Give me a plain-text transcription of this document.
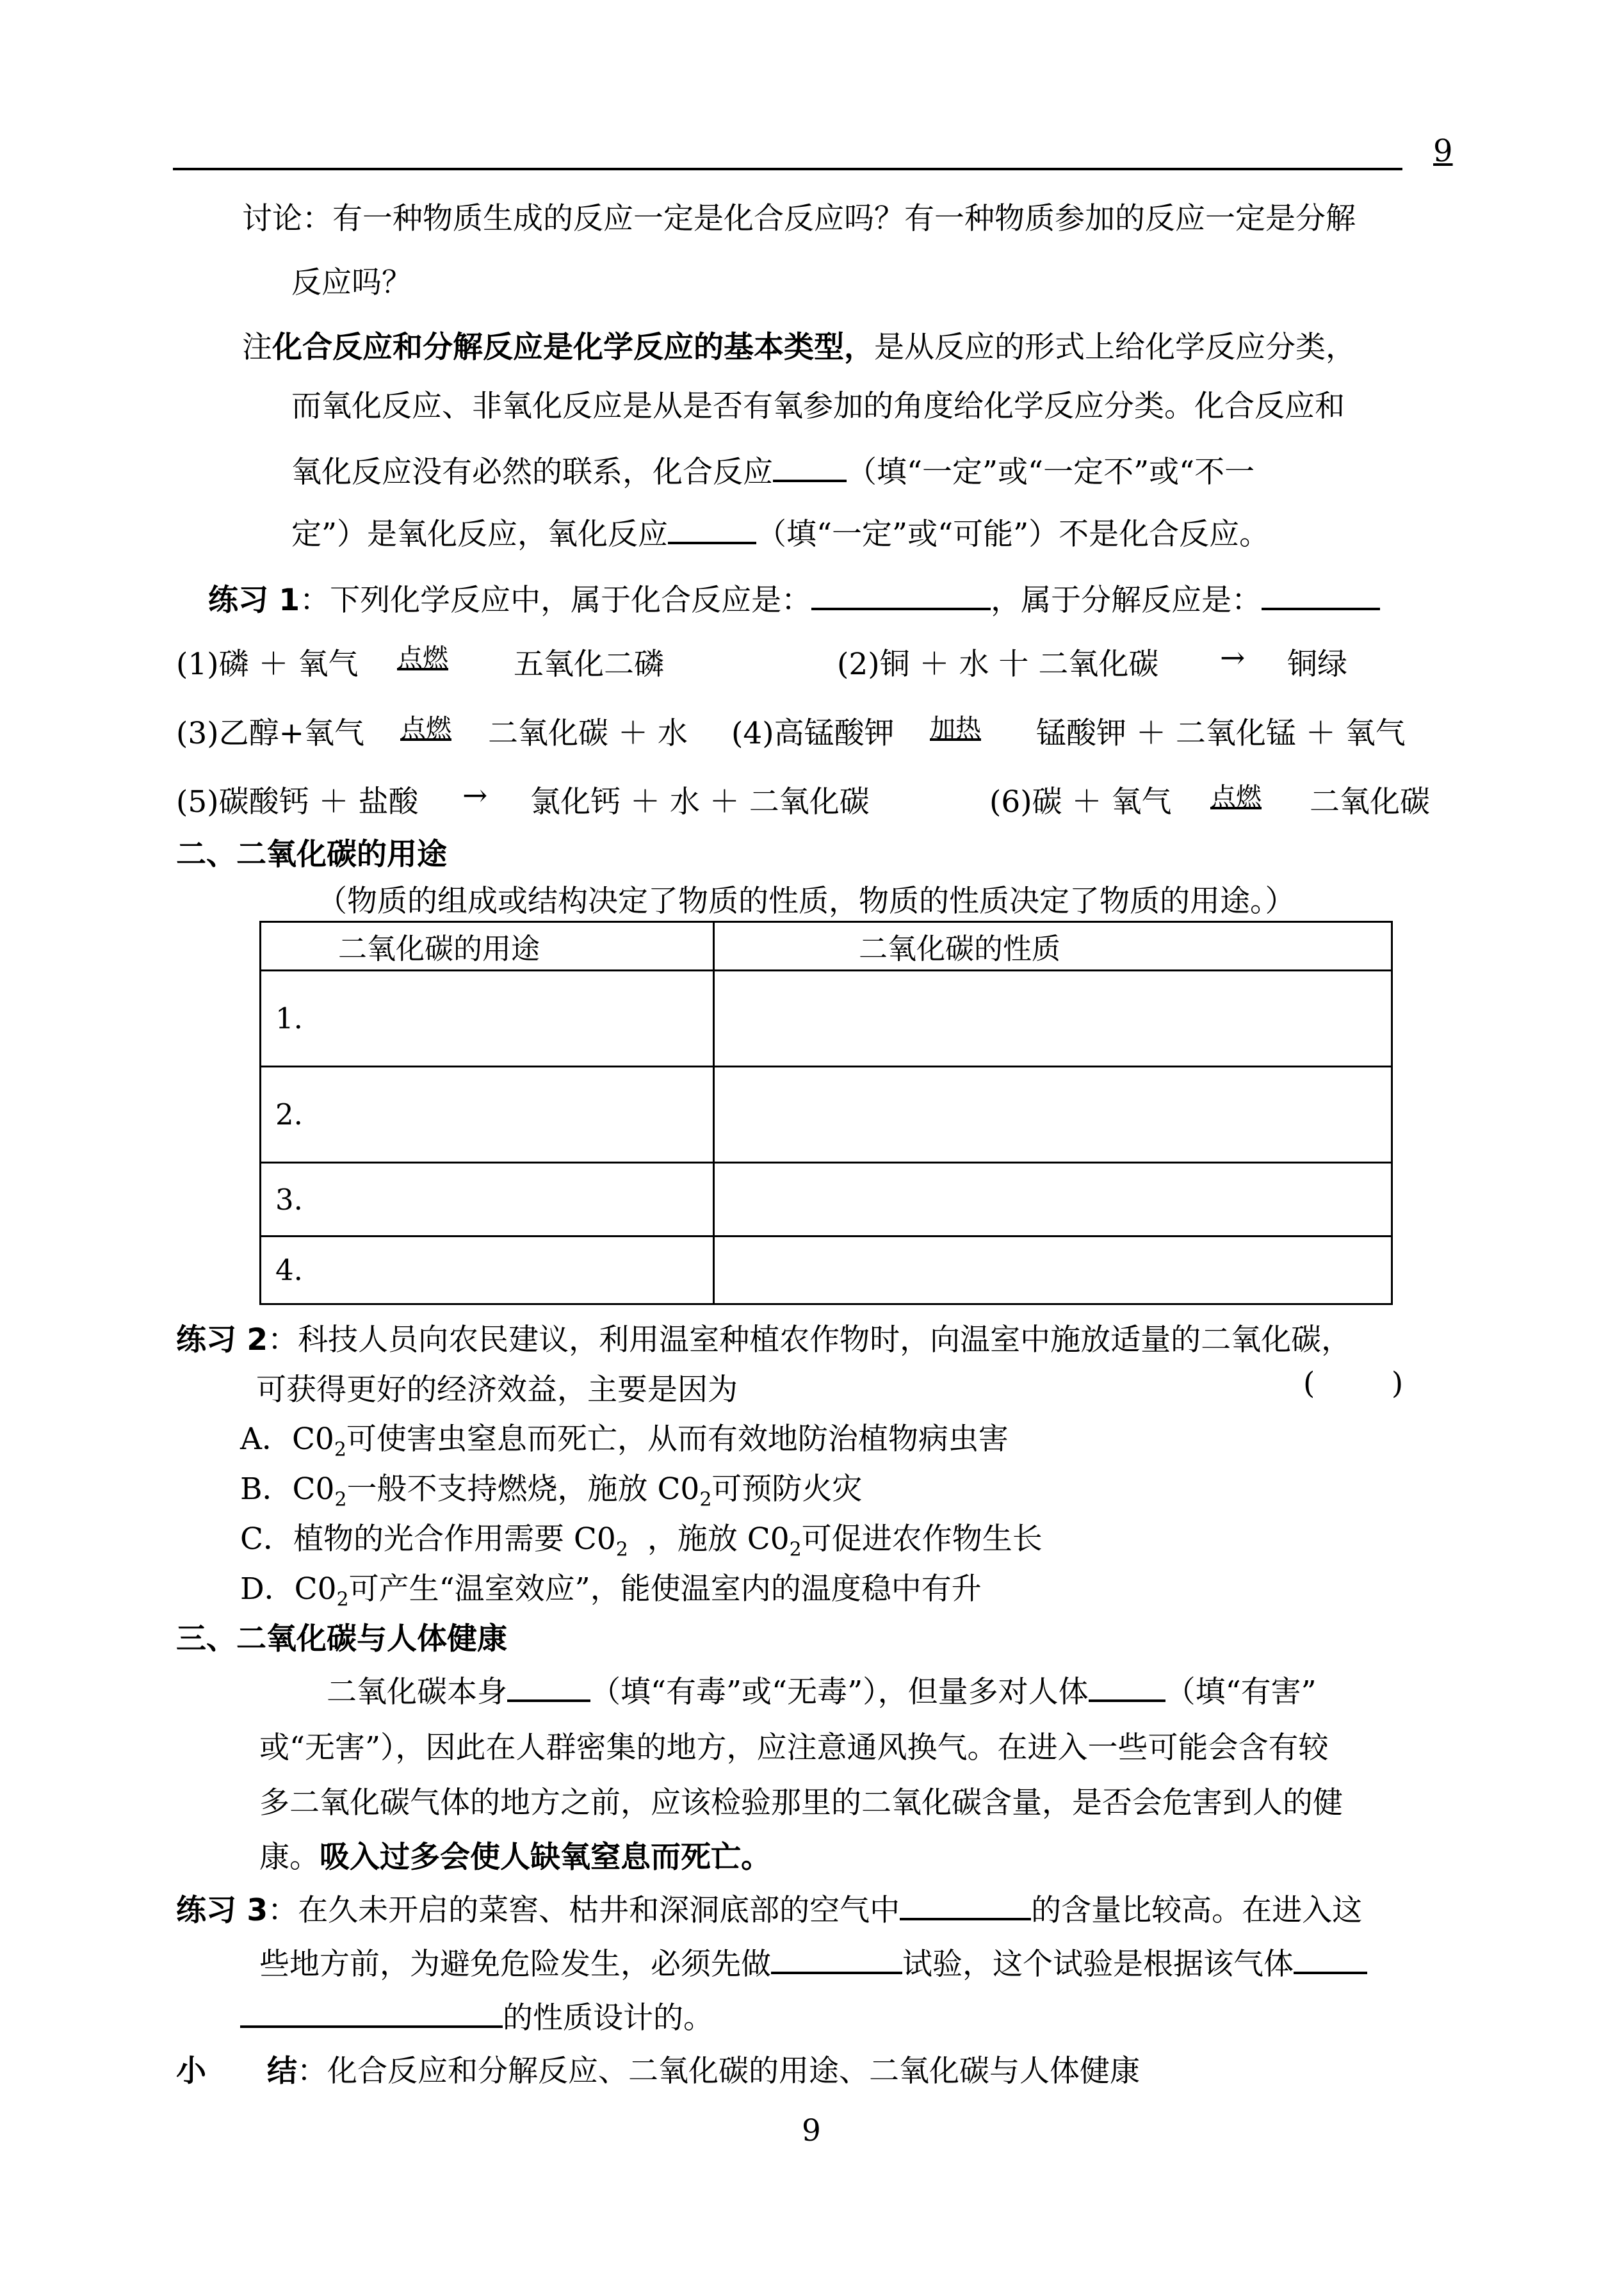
9
讨论：有一种物质生成的反应一定是化合反应吗？有一种物质参加的反应一定是分解
反应吗？
注化合反应和分解反应是化学反应的基本类型，是从反应的形式上给化学反应分类，
而氧化反应、非氧化反应是从是否有氧参加的角度给化学反应分类。化合反应和
氧化反应没有必然的联系，化合反应 （填“一定”或“一定不”或“不一
定”）是氧化反应，氧化反应	（填“一定”或“可能”）不是化合反应。
练习 1：下列化学反应中，属于化合反应是：	，属于分解反应是：
(1)磷 ＋ 氧气 点燃 五氧化二磷	(2)铜 ＋ 水 十 二氧化碳 → 铜绿
(3)乙醇+氧气 点燃 二氧化碳 ＋ 水 (4)高锰酸钾 加热 锰酸钾 ＋ 二氧化锰 ＋ 氧气
(5)碳酸钙 ＋ 盐酸 → 氯化钙 ＋ 水 ＋ 二氧化碳	(6)碳 ＋ 氧气 点燃 二氧化碳
二、二氧化碳的用途
（物质的组成或结构决定了物质的性质，物质的性质决定了物质的用途。）
二氧化碳的用途	二氧化碳的性质
1.	
2.	
3.	
4.	
练习 2：科技人员向农民建议，利用温室种植农作物时，向温室中施放适量的二氧化碳，
可获得更好的经济效益，主要是因为	(        )
A．$C0_2$可使害虫窒息而死亡，从而有效地防治植物病虫害
B．$C0_2$一般不支持燃烧，施放 $C0_2$可预防火灾
C．植物的光合作用需要 $C0_2$ ，施放 $C0_2$可促进农作物生长
D．$C0_2$可产生“温室效应”，能使温室内的温度稳中有升
三、二氧化碳与人体健康
二氧化碳本身	（填“有毒”或“无毒”），但量多对人体	（填“有害”
或“无害”），因此在人群密集的地方，应注意通风换气。在进入一些可能会含有较
多二氧化碳气体的地方之前，应该检验那里的二氧化碳含量，是否会危害到人的健
康。吸入过多会使人缺氧窒息而死亡。
练习 3：在久未开启的菜窖、枯井和深洞底部的空气中	的含量比较高。在进入这
些地方前，为避免危险发生，必须先做	试验，这个试验是根据该气体
的性质设计的。
小 结：化合反应和分解反应、二氧化碳的用途、二氧化碳与人体健康
9
